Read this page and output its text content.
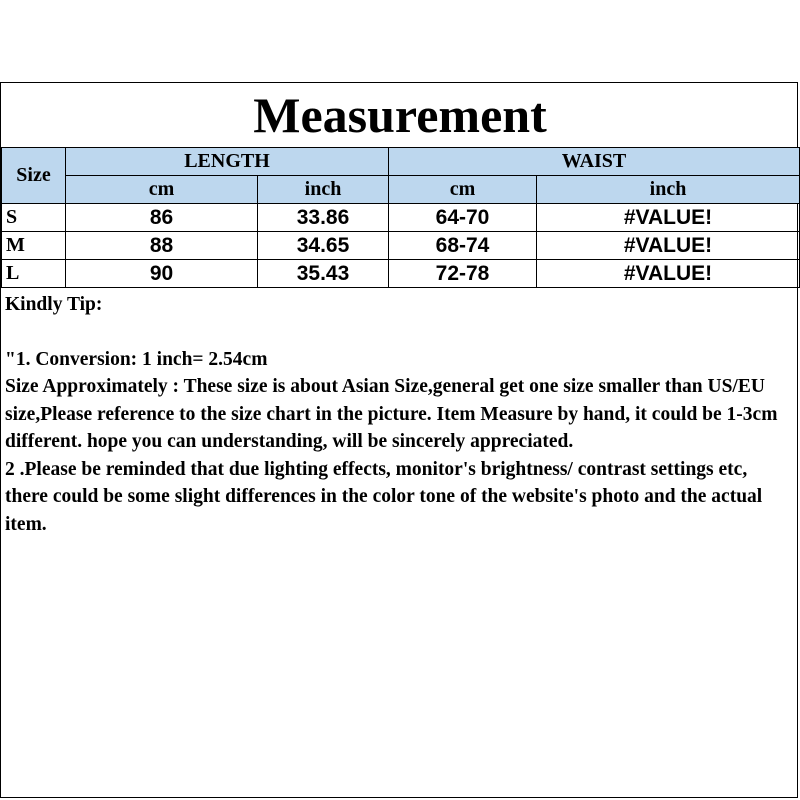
Measurement
Size	LENGTH		WAIST	
	cm	inch	cm	inch
S	86	33.86	64-70	#VALUE!
M	88	34.65	68-74	#VALUE!
L	90	35.43	72-78	#VALUE!

Kindly Tip:

"1. Conversion: 1 inch= 2.54cm

Size Approximately : These size is about Asian Size,general get one size smaller than US/EU size,Please reference to the size chart in the picture. Item Measure by hand, it could be 1-3cm different. hope you can understanding, will be sincerely appreciated.

2 .Please be reminded that due lighting effects, monitor's brightness/ contrast settings etc, there could be some slight differences in the color tone of the website's photo and the actual item.
